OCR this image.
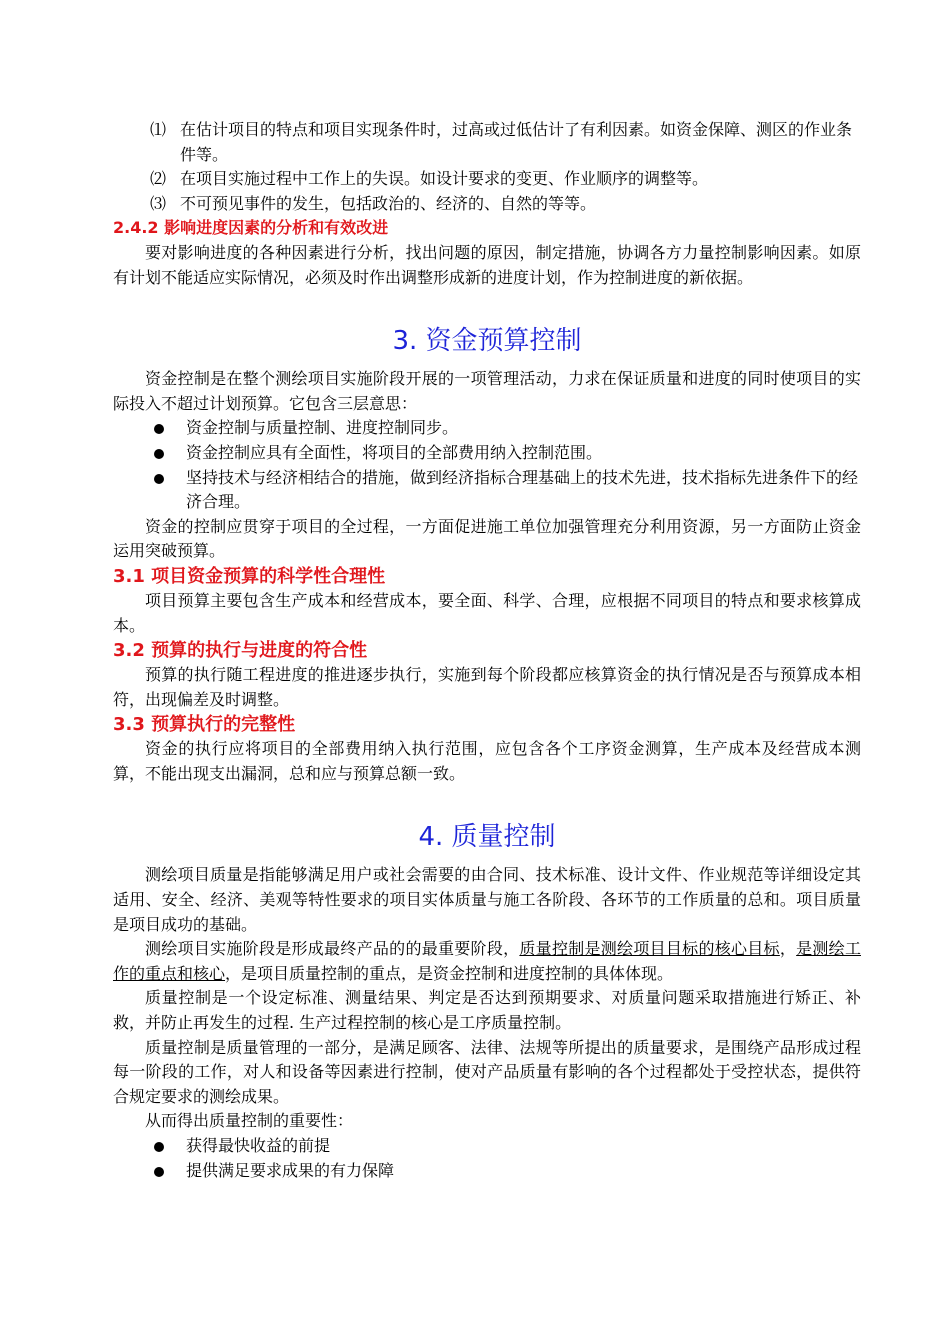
⑴ 在估计项目的特点和项目实现条件时，过高或过低估计了有利因素。如资金保障、测区的作业条件等。

⑵ 在项目实施过程中工作上的失误。如设计要求的变更、作业顺序的调整等。

⑶ 不可预见事件的发生，包括政治的、经济的、自然的等等。

2.4.2 影响进度因素的分析和有效改进

要对影响进度的各种因素进行分析，找出问题的原因，制定措施，协调各方力量控制影响因素。如原有计划不能适应实际情况，必须及时作出调整形成新的进度计划，作为控制进度的新依据。

3. 资金预算控制

资金控制是在整个测绘项目实施阶段开展的一项管理活动，力求在保证质量和进度的同时使项目的实际投入不超过计划预算。它包含三层意思：

资金控制与质量控制、进度控制同步。
资金控制应具有全面性，将项目的全部费用纳入控制范围。
坚持技术与经济相结合的措施，做到经济指标合理基础上的技术先进，技术指标先进条件下的经济合理。

资金的控制应贯穿于项目的全过程，一方面促进施工单位加强管理充分利用资源，另一方面防止资金运用突破预算。

3.1 项目资金预算的科学性合理性

项目预算主要包含生产成本和经营成本，要全面、科学、合理，应根据不同项目的特点和要求核算成本。

3.2 预算的执行与进度的符合性

预算的执行随工程进度的推进逐步执行，实施到每个阶段都应核算资金的执行情况是否与预算成本相符，出现偏差及时调整。

3.3 预算执行的完整性

资金的执行应将项目的全部费用纳入执行范围，应包含各个工序资金测算，生产成本及经营成本测算，不能出现支出漏洞，总和应与预算总额一致。

4. 质量控制

测绘项目质量是指能够满足用户或社会需要的由合同、技术标准、设计文件、作业规范等详细设定其适用、安全、经济、美观等特性要求的项目实体质量与施工各阶段、各环节的工作质量的总和。项目质量是项目成功的基础。

测绘项目实施阶段是形成最终产品的的最重要阶段，质量控制是测绘项目目标的核心目标，是测绘工作的重点和核心，是项目质量控制的重点，是资金控制和进度控制的具体体现。

质量控制是一个设定标准、测量结果、判定是否达到预期要求、对质量问题采取措施进行矫正、补救，并防止再发生的过程. 生产过程控制的核心是工序质量控制。

质量控制是质量管理的一部分，是满足顾客、法律、法规等所提出的质量要求，是围绕产品形成过程每一阶段的工作，对人和设备等因素进行控制，使对产品质量有影响的各个过程都处于受控状态，提供符合规定要求的测绘成果。

从而得出质量控制的重要性：

获得最快收益的前提
提供满足要求成果的有力保障
